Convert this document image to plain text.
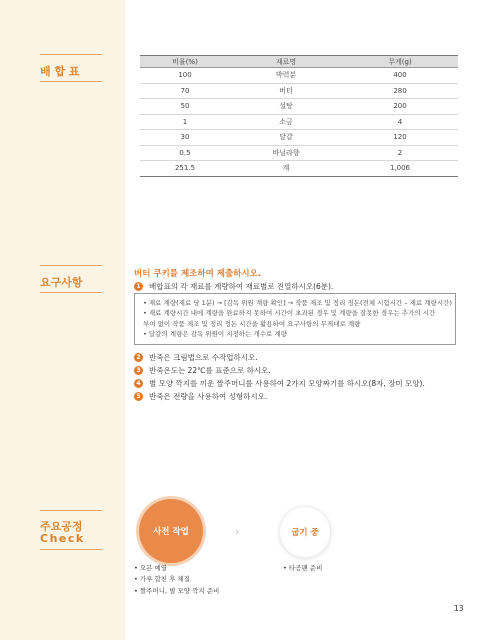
배 합 표
요구사항
주요공정
Check
비율(%)	재료명	무게(g)
100	박력분	400
70	버터	280
50	설탕	200
1	소금	4
30	달걀	120
0.5	바닐라향	2
251.5	계	1,006
버터 쿠키를 제조하여 제출하시오.
1	배합표의 각 재료를 계량하여 재료별로 진열하시오(6분).

• 재료 계량(재료 당 1분) → [감독 위원 계량 확인] → 작품 제조 및 정리 정돈(전체 시험시간 – 재료 계량시간)

• 재료 계량시간 내에 계량을 완료하지 못하여 시간이 초과된 경우 및 계량을 잘못한 경우는 추가의 시간

부여 없이 작품 제조 및 정리 정돈 시간을 활용하여 요구사항의 무게대로 계량

• 달걀의 계량은 감독 위원이 지정하는 개수로 계량

2	반죽은 크림법으로 수작업하시오.
3	반죽온도는 22℃를 표준으로 하시오.
4	별 모양 깍지를 끼운 짤주머니를 사용하여 2가지 모양짜기를 하시오(8자, 장미 모양).
5	반죽은 전량을 사용하여 성형하시오.
사전 작업	›	굽기 중
• 오븐 예열
• 가루 합친 후 체질
• 짤주머니, 별 모양 깍지 준비
• 타공팬 준비
13
